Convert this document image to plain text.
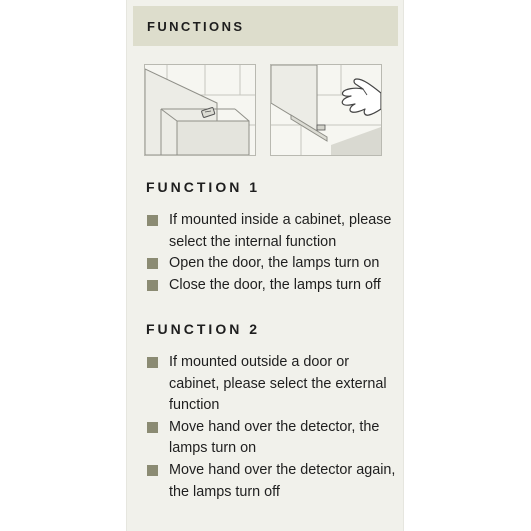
FUNCTIONS
FUNCTION 1
If mounted inside a cabinet, please select the internal function
Open the door, the lamps turn on
Close the door, the lamps turn off
FUNCTION 2
If mounted outside a door or cabinet, please select the external function
Move hand over the detector, the lamps turn on
Move hand over the detector again, the lamps turn off
